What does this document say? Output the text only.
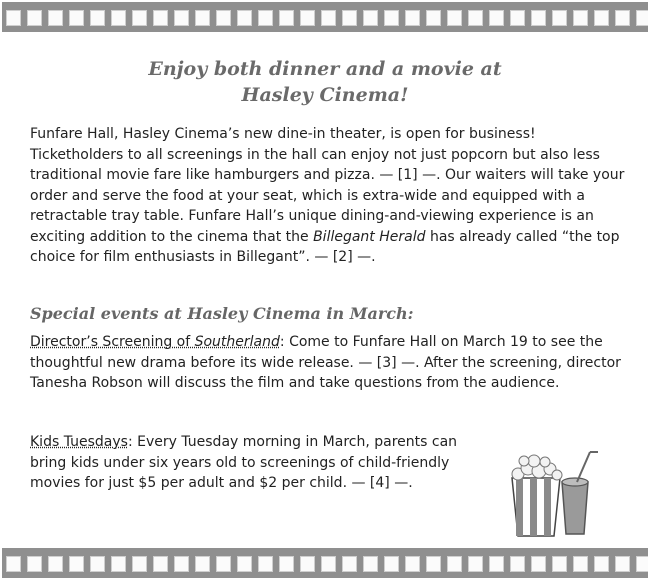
Enjoy both dinner and a movie at
Hasley Cinema!

Funfare Hall, Hasley Cinema’s new dine-in theater, is open for business! Ticketholders to all screenings in the hall can enjoy not just popcorn but also less traditional movie fare like hamburgers and pizza. — [1] —. Our waiters will take your order and serve the food at your seat, which is extra-wide and equipped with a retractable tray table. Funfare Hall’s unique dining-and-viewing experience is an exciting addition to the cinema that the Billegant Herald has already called “the top choice for film enthusiasts in Billegant”. — [2] —.

Special events at Hasley Cinema in March:

Director’s Screening of Southerland: Come to Funfare Hall on March 19 to see the thoughtful new drama before its wide release. — [3] —. After the screening, director Tanesha Robson will discuss the film and take questions from the audience.

Kids Tuesdays: Every Tuesday morning in March, parents can bring kids under six years old to screenings of child-friendly movies for just $5 per adult and $2 per child. — [4] —.
